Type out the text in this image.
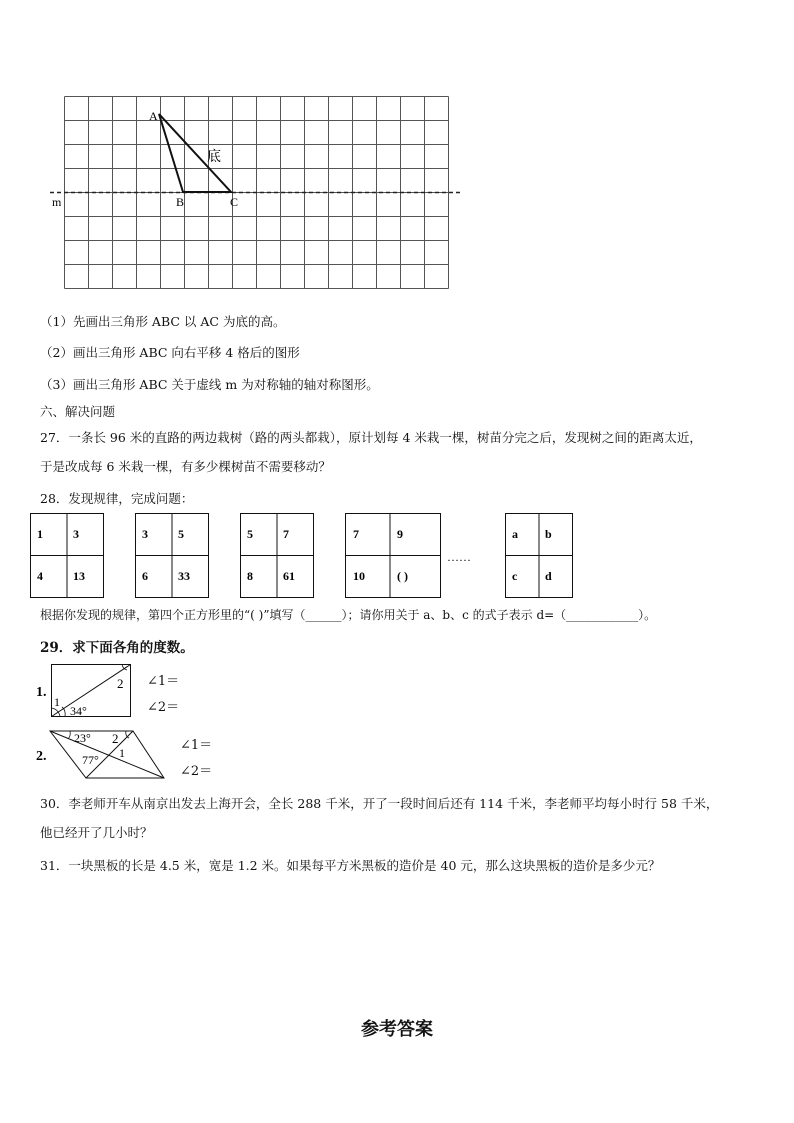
A
B	C
底
m
（1）先画出三角形 ABC 以 AC 为底的高。
（2）画出三角形 ABC 向右平移 4 格后的图形
（3）画出三角形 ABC 关于虚线 m 为对称轴的轴对称图形。
六、解决问题
27．一条长 96 米的直路的两边栽树（路的两头都栽），原计划每 4 米栽一棵，树苗分完之后，发现树之间的距离太近，
于是改成每 6 米栽一棵，有多少棵树苗不需要移动？
28．发现规律，完成问题：
1	3
4	13
3	5
6	33
5	7
8	61
7	9
10	( )
……
a b
c d
根据你发现的规律，第四个正方形里的“( )”填写（______）；请你用关于 a、b、c 的式子表示 d=（____________）。
29．求下面各角的度数。
1.
1
2
34°
2.
23° 2
77° 1
∠1＝
∠2＝
∠1＝
∠2＝
30．李老师开车从南京出发去上海开会，全长 288 千米，开了一段时间后还有 114 千米，李老师平均每小时行 58 千米，
他已经开了几小时？
31．一块黑板的长是 4.5 米，宽是 1.2 米。如果每平方米黑板的造价是 40 元，那么这块黑板的造价是多少元？
参考答案
